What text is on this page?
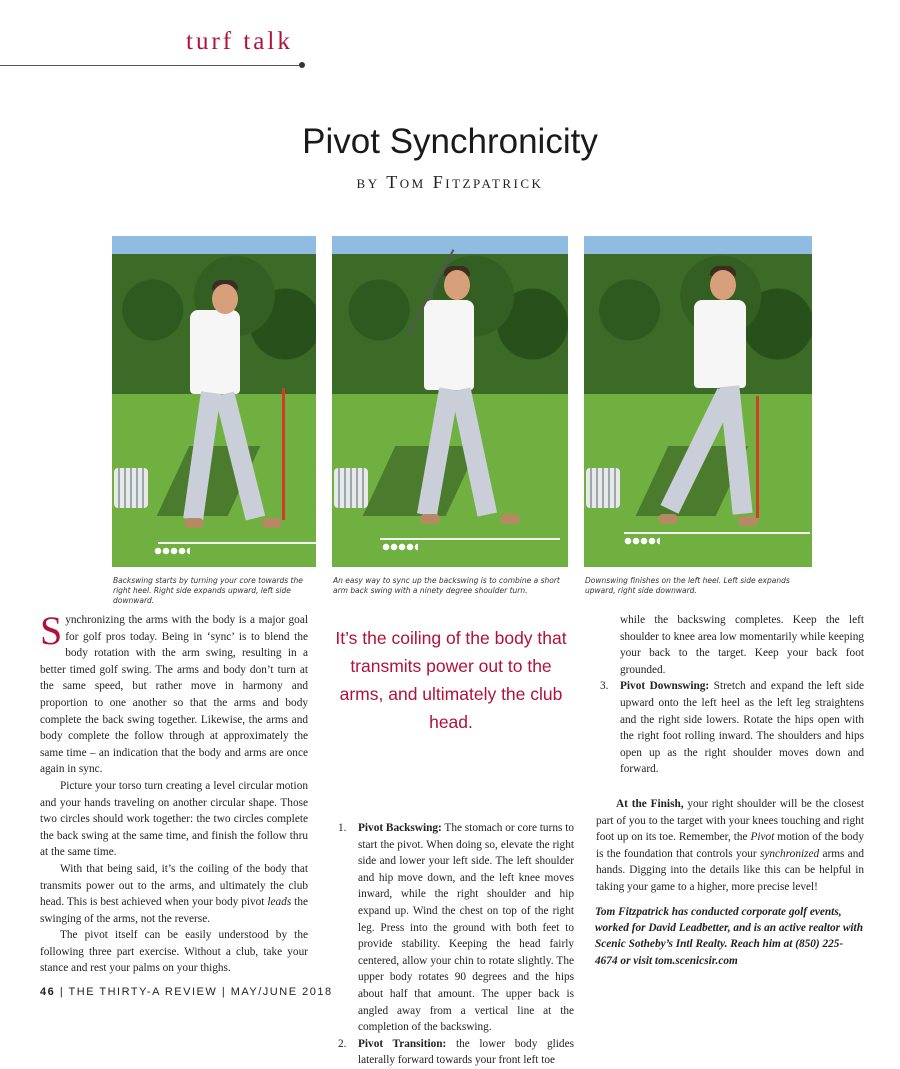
turf talk
Pivot Synchronicity
by Tom Fitzpatrick
Backswing starts by turning your core towards the right heel. Right side expands upward, left side downward.
An easy way to sync up the backswing is to combine a short arm back swing with a ninety degree shoulder turn.
Downswing finishes on the left heel. Left side expands upward, right side downward.

Synchronizing the arms with the body is a major goal for golf pros today. Being in ‘sync’ is to blend the body rotation with the arm swing, resulting in a better timed golf swing. The arms and body don’t turn at the same speed, but rather move in harmony and proportion to one another so that the arms and body complete the back swing together. Likewise, the arms and body complete the follow through at approximately the same time – an indication that the body and arms are once again in sync.

Picture your torso turn creating a level circular motion and your hands traveling on another circular shape. Those two circles should work together: the two circles complete the back swing at the same time, and finish the follow thru at the same time.

With that being said, it’s the coiling of the body that transmits power out to the arms, and ultimately the club head. This is best achieved when your body pivot leads the swinging of the arms, not the reverse.

The pivot itself can be easily understood by the following three part exercise. Without a club, take your stance and rest your palms on your thighs.

It’s the coiling of the body that transmits power out to the arms, and ultimately the club head.
1. Pivot Backswing: The stomach or core turns to start the pivot. When doing so, elevate the right side and lower your left side. The left shoulder and hip move down, and the left knee moves inward, while the right shoulder and hip expand up. Wind the chest on top of the right leg. Press into the ground with both feet to provide stability. Keeping the head fairly centered, allow your chin to rotate slightly. The upper body rotates 90 degrees and the hips about half that amount. The upper back is angled away from a vertical line at the completion of the backswing.
2. Pivot Transition: the lower body glides laterally forward towards your front left toe
while the backswing completes. Keep the left shoulder to knee area low momentarily while keeping your back to the target. Keep your back foot grounded.
3. Pivot Downswing: Stretch and expand the left side upward onto the left heel as the left leg straightens and the right side lowers. Rotate the hips open with the right foot rolling inward. The shoulders and hips open up as the right shoulder moves down and forward.

At the Finish, your right shoulder will be the closest part of you to the target with your knees touching and right foot up on its toe. Remember, the Pivot motion of the body is the foundation that controls your synchronized arms and hands. Digging into the details like this can be helpful in taking your game to a higher, more precise level!

Tom Fitzpatrick has conducted corporate golf events, worked for David Leadbetter, and is an active realtor with Scenic Sotheby’s Intl Realty. Reach him at (850) 225-4674 or visit tom.scenicsir.com
46 | THE THIRTY-A REVIEW | MAY/JUNE 2018
